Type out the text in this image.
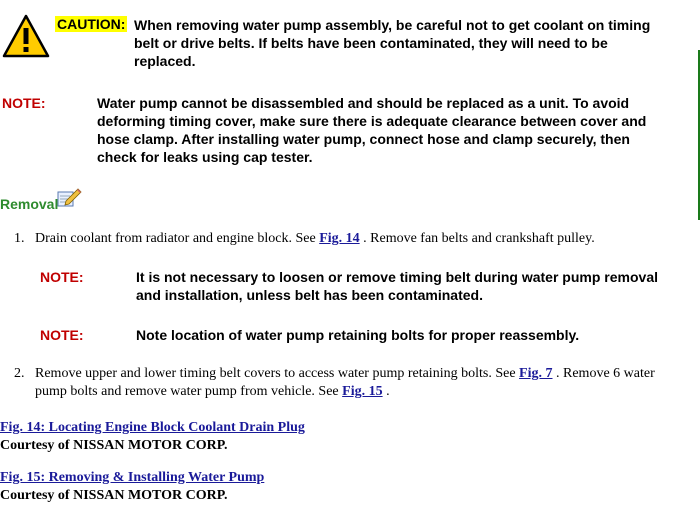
CAUTION: When removing water pump assembly, be careful not to get coolant on timing
belt or drive belts. If belts have been contaminated, they will need to be
replaced.
NOTE:	Water pump cannot be disassembled and should be replaced as a unit. To avoid
deforming timing cover, make sure there is adequate clearance between cover and
hose clamp. After installing water pump, connect hose and clamp securely, then
check for leaks using cap tester.
Removal
1. Drain coolant from radiator and engine block. See Fig. 14 . Remove fan belts and crankshaft pulley.
NOTE:	It is not necessary to loosen or remove timing belt during water pump removal
and installation, unless belt has been contaminated.
NOTE:	Note location of water pump retaining bolts for proper reassembly.
2. Remove upper and lower timing belt covers to access water pump retaining bolts. See Fig. 7 . Remove 6 water
pump bolts and remove water pump from vehicle. See Fig. 15 .
Fig. 14: Locating Engine Block Coolant Drain Plug
Courtesy of NISSAN MOTOR CORP.
Fig. 15: Removing & Installing Water Pump
Courtesy of NISSAN MOTOR CORP.
